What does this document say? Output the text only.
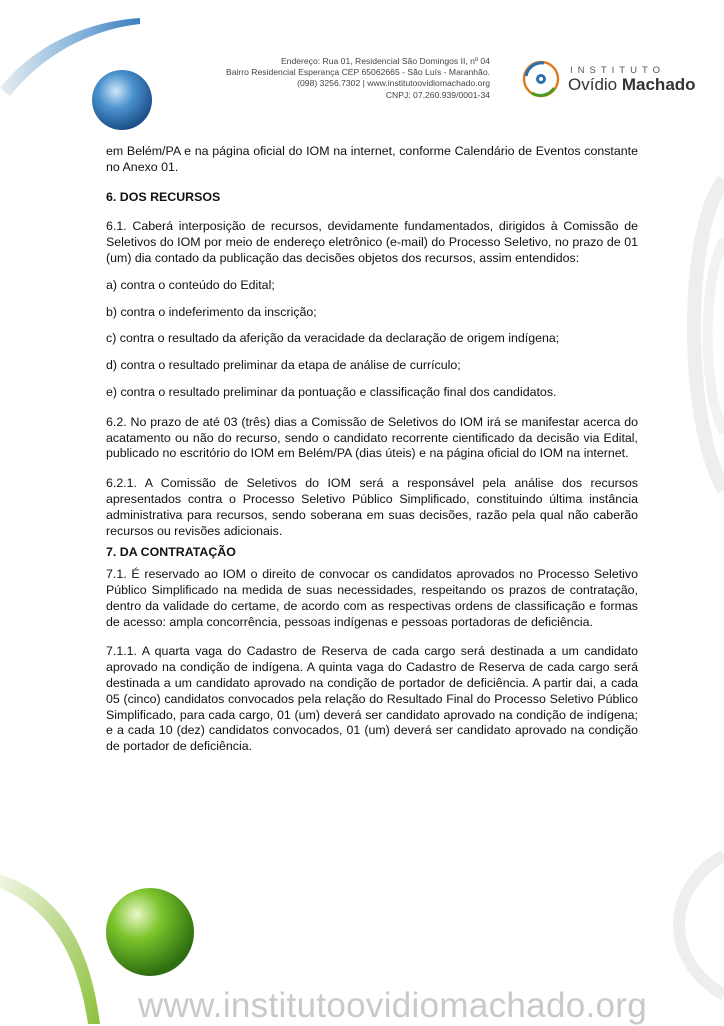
Endereço: Rua 01, Residencial São Domingos II, nº 04
Bairro Residencial Esperança CEP 65062665 - São Luís - Maranhão.
(098) 3256.7302 | www.institutoovidiomachado.org
CNPJ: 07.260.939/0001-34
INSTITUTO
Ovídio Machado

em Belém/PA e na página oficial do IOM na internet, conforme Calendário de Eventos constante no Anexo 01.

6. DOS RECURSOS

6.1. Caberá interposição de recursos, devidamente fundamentados, dirigidos à Comissão de Seletivos do IOM por meio de endereço eletrônico (e-mail) do Processo Seletivo, no prazo de 01 (um) dia contado da publicação das decisões objetos dos recursos, assim entendidos:

a) contra o conteúdo do Edital;

b) contra o indeferimento da inscrição;

c) contra o resultado da aferição da veracidade da declaração de origem indígena;

d) contra o resultado preliminar da etapa de análise de currículo;

e) contra o resultado preliminar da pontuação e classificação final dos candidatos.

6.2. No prazo de até 03 (três) dias a Comissão de Seletivos do IOM irá se manifestar acerca do acatamento ou não do recurso, sendo o candidato recorrente cientificado da decisão via Edital, publicado no escritório do IOM em Belém/PA (dias úteis) e na página oficial do IOM na internet.

6.2.1. A Comissão de Seletivos do IOM será a responsável pela análise dos recursos apresentados contra o Processo Seletivo Público Simplificado, constituindo última instância administrativa para recursos, sendo soberana em suas decisões, razão pela qual não caberão recursos ou revisões adicionais.

7. DA CONTRATAÇÃO

7.1. É reservado ao IOM o direito de convocar os candidatos aprovados no Processo Seletivo Público Simplificado na medida de suas necessidades, respeitando os prazos de contratação, dentro da validade do certame, de acordo com as respectivas ordens de classificação e formas de acesso: ampla concorrência, pessoas indígenas e pessoas portadoras de deficiência.

7.1.1. A quarta vaga do Cadastro de Reserva de cada cargo será destinada a um candidato aprovado na condição de indígena. A quinta vaga do Cadastro de Reserva de cada cargo será destinada a um candidato aprovado na condição de portador de deficiência. A partir dai, a cada 05 (cinco) candidatos convocados pela relação do Resultado Final do Processo Seletivo Público Simplificado, para cada cargo, 01 (um) deverá ser candidato aprovado na condição de indígena; e a cada 10 (dez) candidatos convocados, 01 (um) deverá ser candidato aprovado na condição de portador de deficiência.

www.institutoovidiomachado.org
